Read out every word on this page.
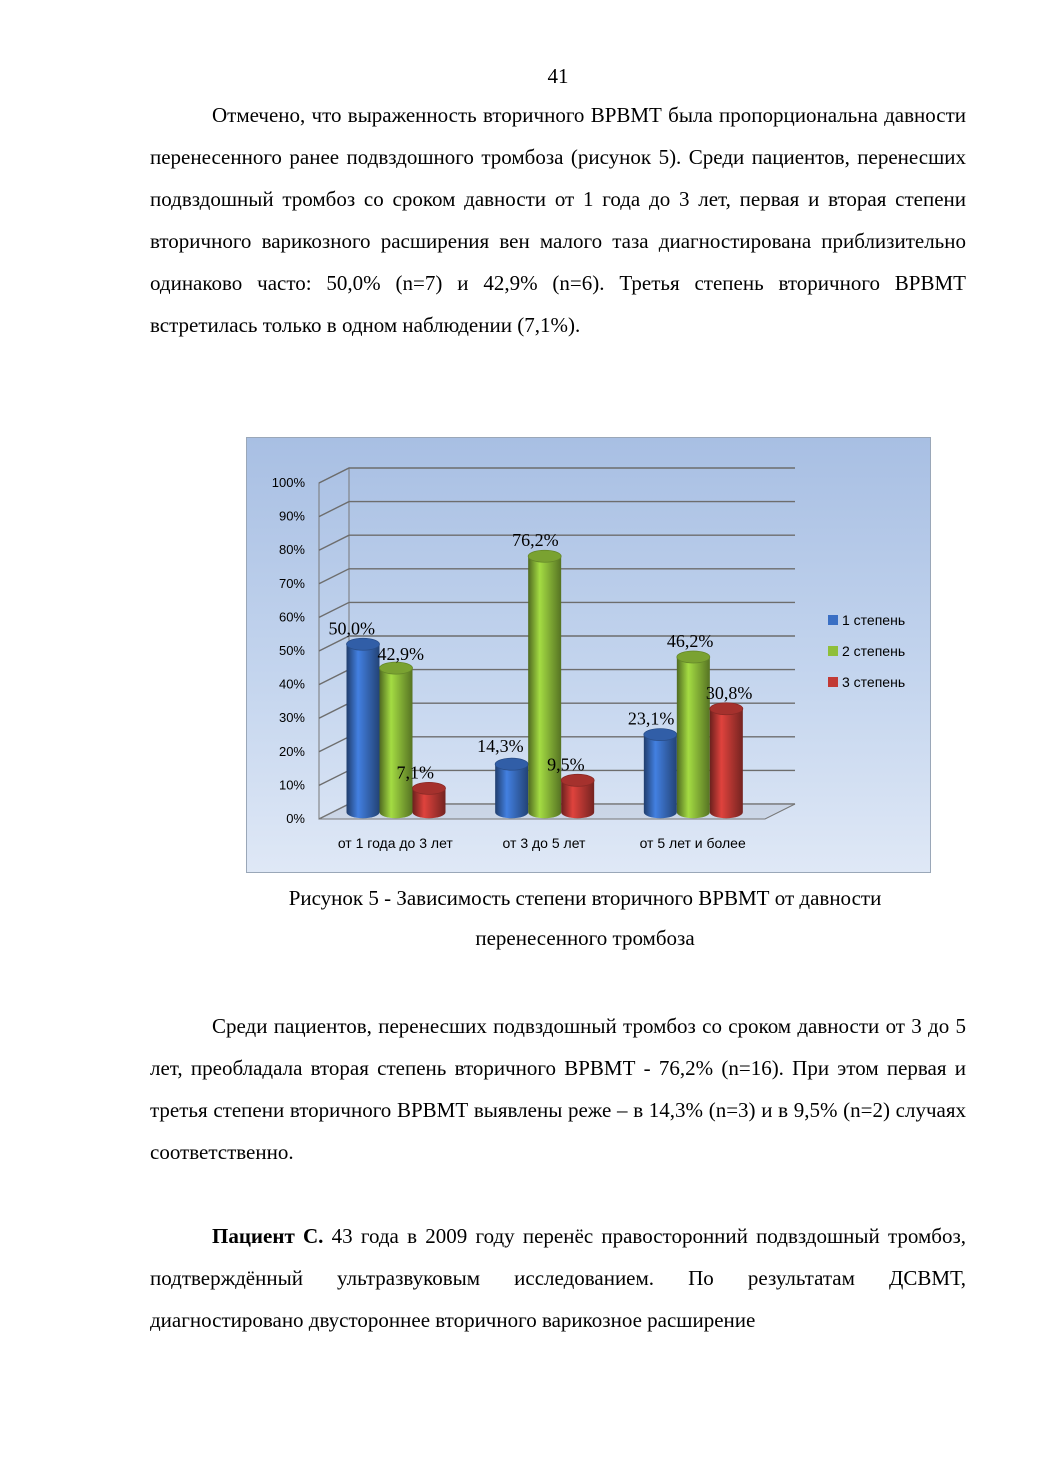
41
Отмечено, что выраженность вторичного ВРВМТ была пропорциональна давности перенесенного ранее подвздошного тромбоза (рисунок 5). Среди пациентов, перенесших подвздошный тромбоз со сроком давности от 1 года до 3 лет, первая и вторая степени вторичного варикозного расширения вен малого таза диагностирована приблизительно одинаково часто: 50,0% (n=7) и 42,9% (n=6). Третья степень вторичного ВРВМТ встретилась только в одном наблюдении (7,1%).
0%
10%
20%
30%
40%
50%
60%
70%
80%
90%
100%
50,0%
42,9%
7,1%
от 1 года до 3 лет
14,3%
76,2%
9,5%
от 3 до 5 лет
23,1%
46,2%
30,8%
от 5 лет и более
1 степень
2 степень
3 степень
Рисунок 5 - Зависимость степени вторичного ВРВМТ от давности
перенесенного тромбоза
Среди пациентов, перенесших подвздошный тромбоз со сроком давности от 3 до 5 лет, преобладала вторая степень вторичного ВРВМТ - 76,2% (n=16). При этом первая и третья степени вторичного ВРВМТ выявлены реже – в 14,3% (n=3) и в 9,5% (n=2) случаях соответственно.
Пациент С. 43 года в 2009 году перенёс правосторонний подвздошный тромбоз, подтверждённый ультразвуковым исследованием. По результатам ДСВМТ, диагностировано двустороннее вторичного варикозное расширение
